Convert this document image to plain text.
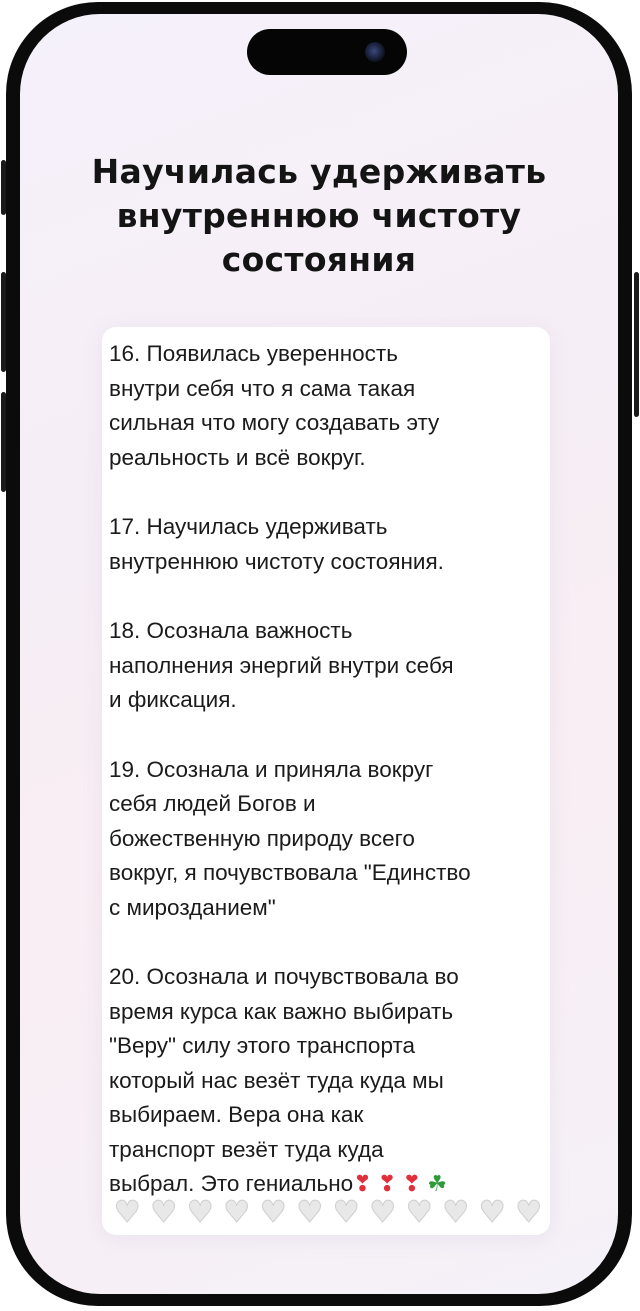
Научилась удерживать внутреннюю чистоту состояния
16. Появилась уверенность
внутри себя что я сама такая
сильная что могу создавать эту
реальность и всё вокруг.
17. Научилась удерживать
внутреннюю чистоту состояния.
18. Осознала важность
наполнения энергий внутри себя
и фиксация.
19. Осознала и приняла вокруг
себя людей Богов и
божественную природу всего
вокруг, я почувствовала "Единство
с мирозданием"
20. Осознала и почувствовала во
время курса как важно выбирать
"Веру" силу этого транспорта
который нас везёт туда куда мы
выбираем. Вера она как
транспорт везёт туда куда
выбрал. Это гениально❣ ❣ ❣ ☘
♥ ♥ ♥ ♥ ♥ ♥ ♥ ♥ ♥ ♥ ♥ ♥
